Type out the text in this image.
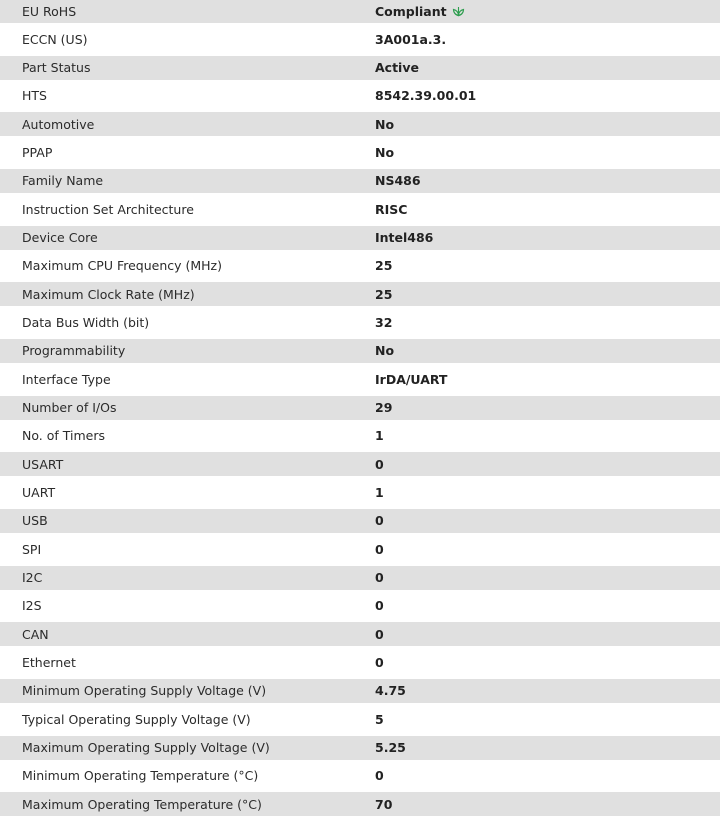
EU RoHS	Compliant
ECCN (US)	3A001a.3.
Part Status	Active
HTS	8542.39.00.01
Automotive	No
PPAP	No
Family Name	NS486
Instruction Set Architecture	RISC
Device Core	Intel486
Maximum CPU Frequency (MHz)	25
Maximum Clock Rate (MHz)	25
Data Bus Width (bit)	32
Programmability	No
Interface Type	IrDA/UART
Number of I/Os	29
No. of Timers	1
USART	0
UART	1
USB	0
SPI	0
I2C	0
I2S	0
CAN	0
Ethernet	0
Minimum Operating Supply Voltage (V)	4.75
Typical Operating Supply Voltage (V)	5
Maximum Operating Supply Voltage (V)	5.25
Minimum Operating Temperature (°C)	0
Maximum Operating Temperature (°C)	70
